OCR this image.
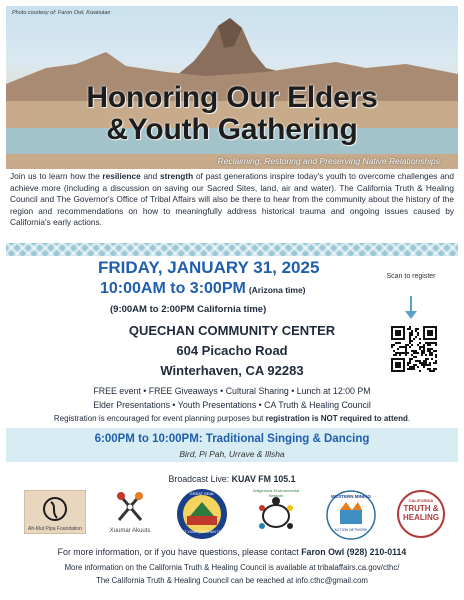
Photo courtesy of: Faron Owl, Kwatsáan
Honoring Our Elders
&Youth Gathering
Reclaiming, Restoring and Preserving Native Relationships
Join us to learn how the resilience and strength of past generations inspire today's youth to overcome challenges and achieve more (including a discussion on saving our Sacred Sites, land, air and water). The California Truth & Healing Council and The Governor's Office of Tribal Affairs will also be there to hear from the community about the history of the region and recommendations on how to meaningfully address historical trauma and ongoing issues caused by California's early actions.
FRIDAY, JANUARY 31, 2025
10:00AM to 3:00PM (Arizona time)
(9:00AM to 2:00PM California time)
Scan to register
QUECHAN COMMUNITY CENTER
604 Picacho Road
Winterhaven, CA 92283
FREE event • FREE Giveaways • Cultural Sharing • Lunch at 12:00 PM
Elder Presentations • Youth Presentations • CA Truth & Healing Council
Registration is encouraged for event planning purposes but registration is NOT required to attend.
6:00PM to 10:00PM: Traditional Singing & Dancing
Bird, Pi Pah, Urrave & Illsha
Broadcast Live: KUAV FM 105.1
Ah-Mut Pipa Foundation	Xuumar Akuuts
GREAT SEAL
FORT YUMA QUECHAN TRIBE
Indigenous Environmental Network	WESTERN MINING
ACTION NETWORK
CALIFORNIA
TRUTH &
HEALING
For more information, or if you have questions, please contact Faron Owl (928) 210-0114
More information on the California Truth & Healing Council is available at tribalaffairs.ca.gov/cthc/
The California Truth & Healing Council can be reached at info.cthc@gmail.com
